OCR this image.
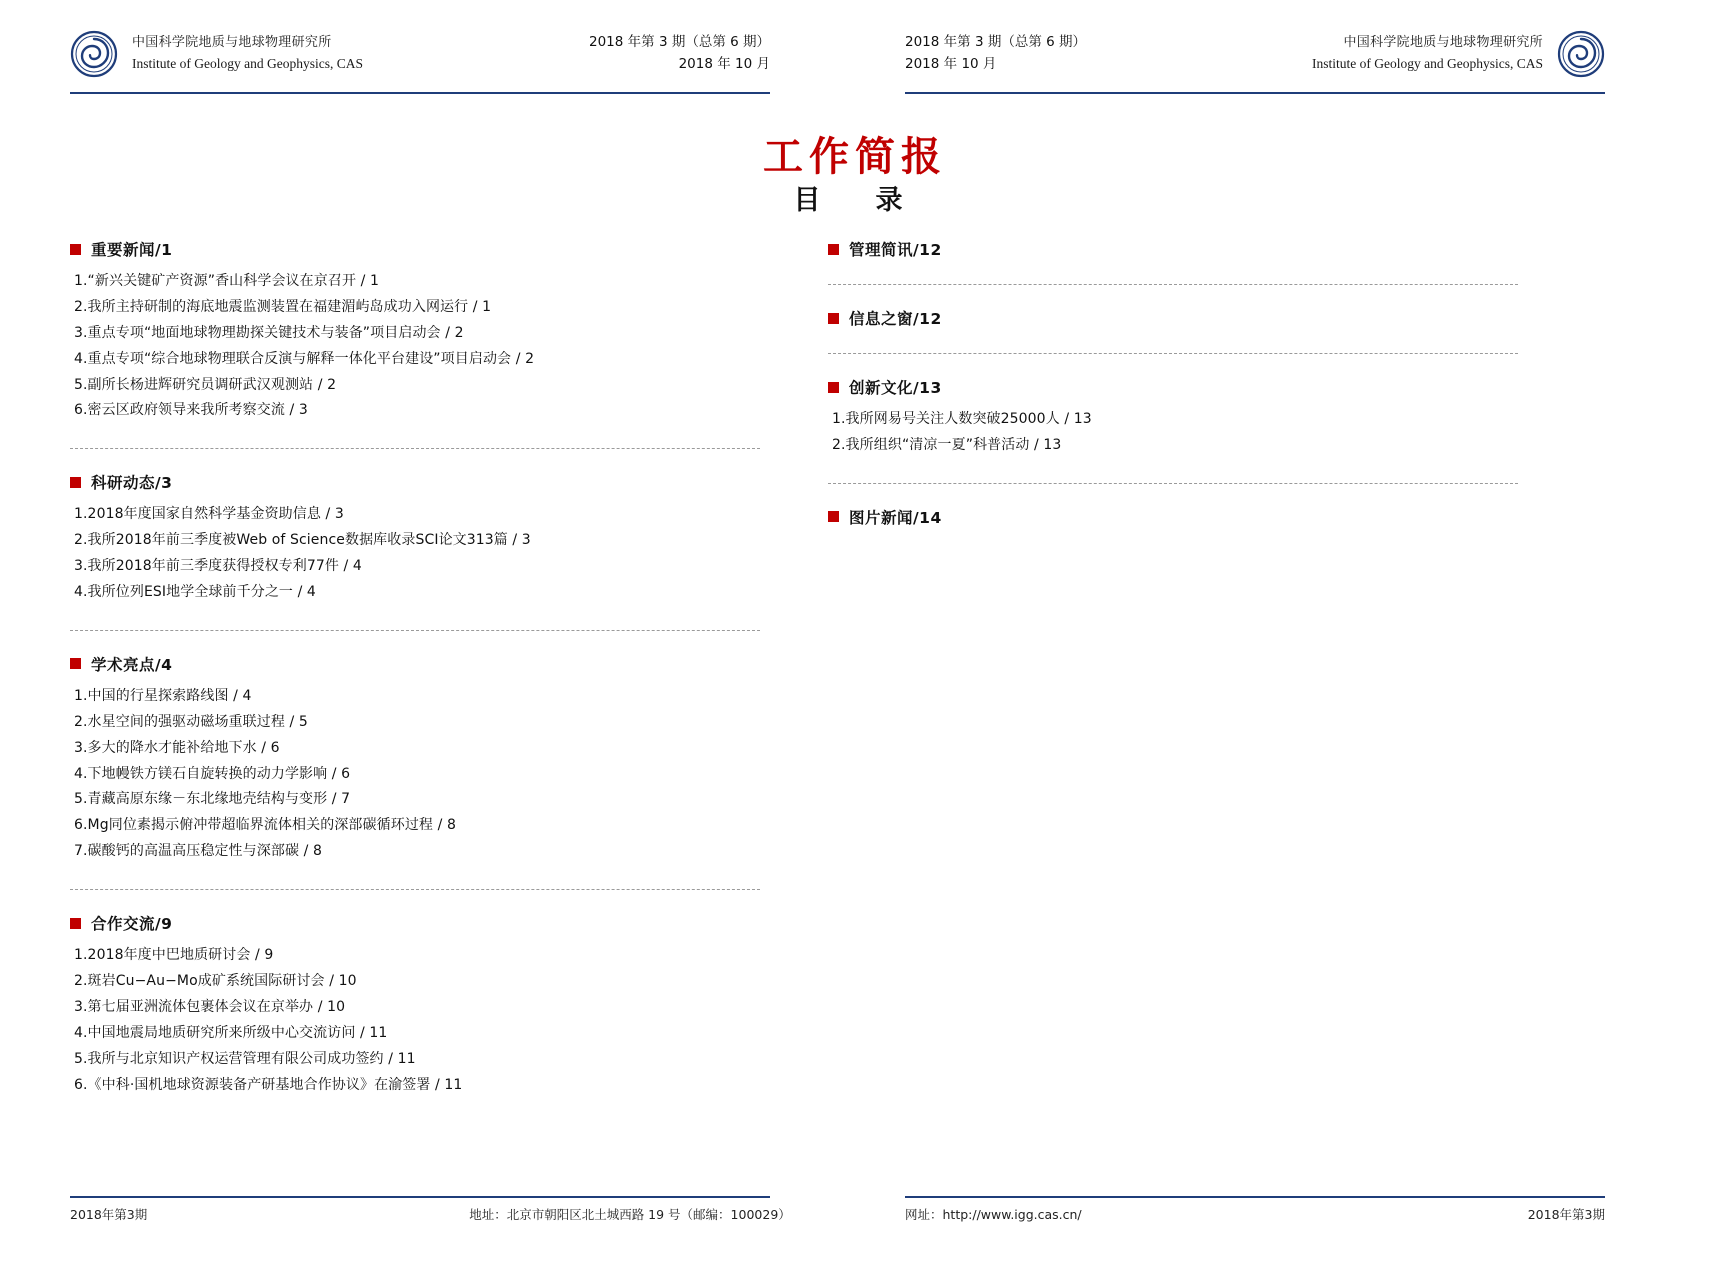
中国科学院地质与地球物理研究所
Institute of Geology and Geophysics, CAS
2018 年第 3 期（总第 6 期）
2018 年 10 月
2018 年第 3 期（总第 6 期）
2018 年 10 月
中国科学院地质与地球物理研究所
Institute of Geology and Geophysics, CAS
工作简报
目　录
重要新闻/1
1.“新兴关键矿产资源”香山科学会议在京召开 / 1
2.我所主持研制的海底地震监测装置在福建湄屿岛成功入网运行 / 1
3.重点专项“地面地球物理勘探关键技术与装备”项目启动会 / 2
4.重点专项“综合地球物理联合反演与解释一体化平台建设”项目启动会 / 2
5.副所长杨进辉研究员调研武汉观测站 / 2
6.密云区政府领导来我所考察交流 / 3
科研动态/3
1.2018年度国家自然科学基金资助信息 / 3
2.我所2018年前三季度被Web of Science数据库收录SCI论文313篇 / 3
3.我所2018年前三季度获得授权专利77件 / 4
4.我所位列ESI地学全球前千分之一 / 4
学术亮点/4
1.中国的行星探索路线图 / 4
2.水星空间的强驱动磁场重联过程 / 5
3.多大的降水才能补给地下水 / 6
4.下地幔铁方镁石自旋转换的动力学影响 / 6
5.青藏高原东缘－东北缘地壳结构与变形 / 7
6.Mg同位素揭示俯冲带超临界流体相关的深部碳循环过程 / 8
7.碳酸钙的高温高压稳定性与深部碳 / 8
合作交流/9
1.2018年度中巴地质研讨会 / 9
2.斑岩Cu−Au−Mo成矿系统国际研讨会 / 10
3.第七届亚洲流体包裹体会议在京举办 / 10
4.中国地震局地质研究所来所级中心交流访问 / 11
5.我所与北京知识产权运营管理有限公司成功签约 / 11
6.《中科·国机地球资源装备产研基地合作协议》在渝签署 / 11
管理简讯/12
信息之窗/12
创新文化/13
1.我所网易号关注人数突破25000人 / 13
2.我所组织“清凉一夏”科普活动 / 13
图片新闻/14
2018年第3期	地址：北京市朝阳区北土城西路 19 号（邮编：100029）	网址：http://www.igg.cas.cn/	2018年第3期
